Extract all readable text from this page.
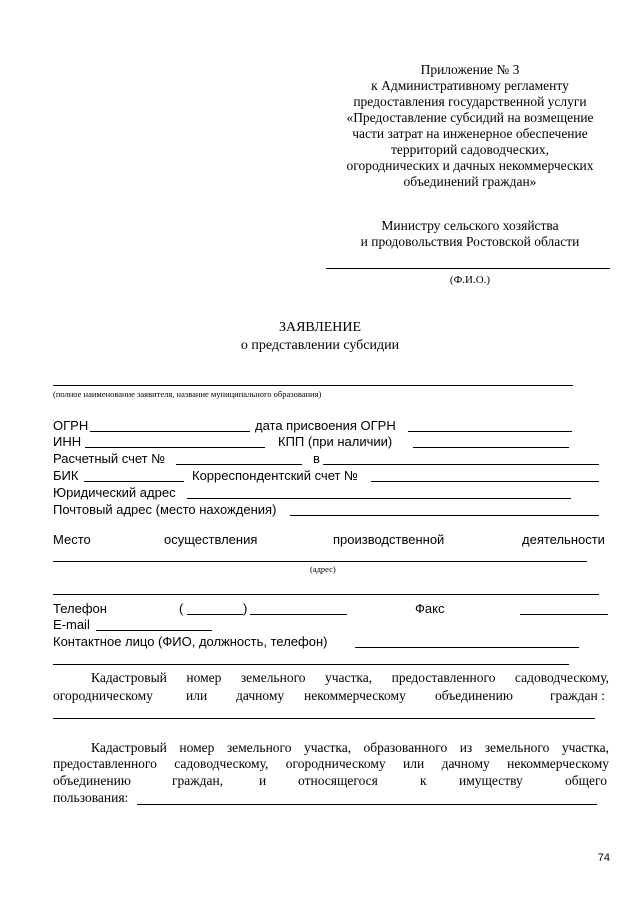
Приложение № 3
к Административному регламенту
предоставления государственной услуги
«Предоставление субсидий на возмещение
части затрат на инженерное обеспечение
территорий садоводческих,
огороднических и дачных некоммерческих
объединений граждан»
Министру сельского хозяйства
и продовольствия Ростовской области
(Ф.И.О.)
ЗАЯВЛЕНИЕ
о представлении субсидии
(полное наименование заявителя, название муниципального образования)
ОГРН	дата присвоения ОГРН
ИНН	КПП (при наличии)
Расчетный счет №	в
БИК	Корреспондентский счет №
Юридический адрес
Почтовый адрес (место нахождения)
Место	осуществления	производственной	деятельности
(адрес)
Телефон	(	)	Факс
E-mail
Контактное лицо (ФИО, должность, телефон)
Кадастровый номер земельного участка, предоставленного садоводческому,
огородническому или дачному некоммерческому объединению	граждан :
Кадастровый номер земельного участка, образованного из земельного участка,
предоставленного садоводческому, огородническому или дачному некоммерческому
объединению	граждан,	и относящегося	к имуществу	общего
пользования:
74
